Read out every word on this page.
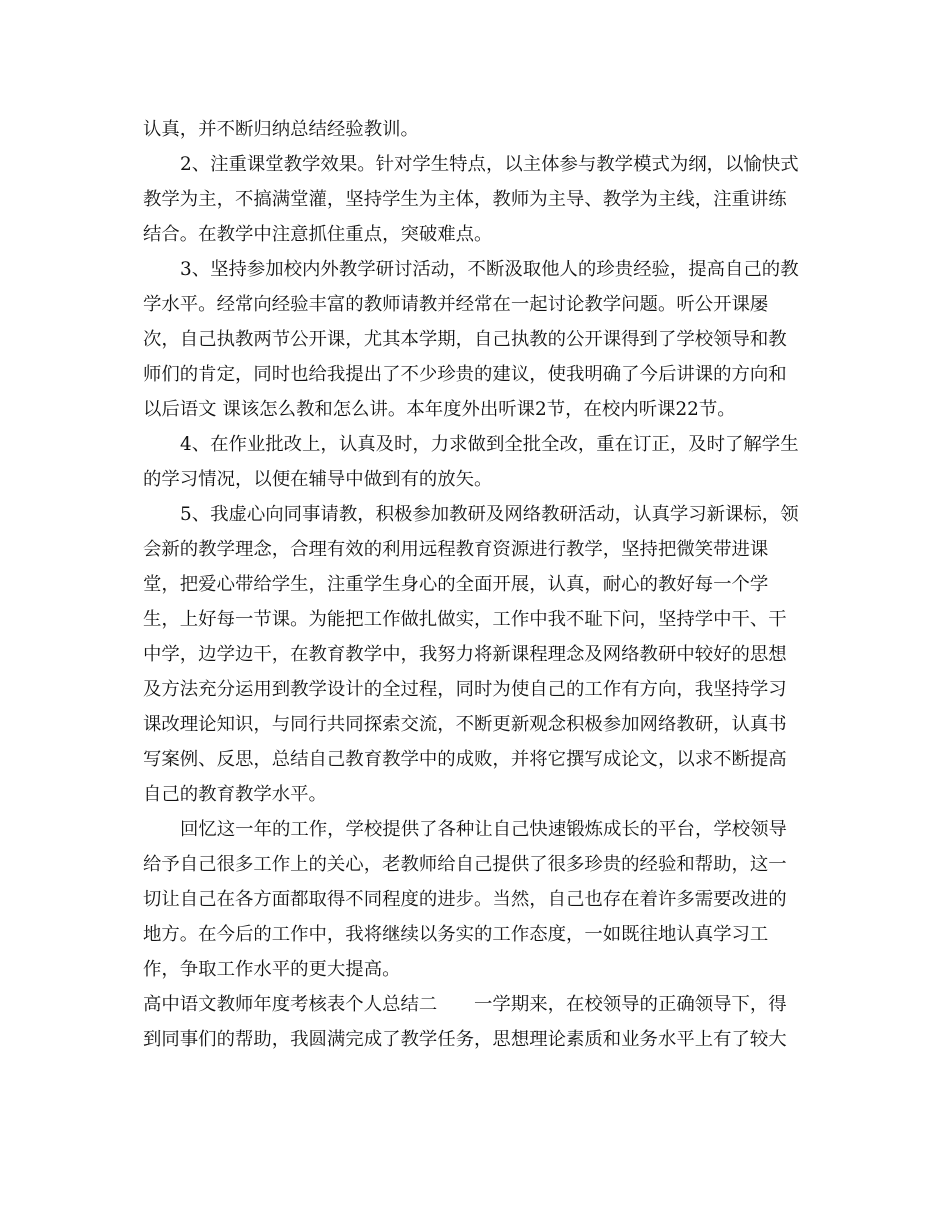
认真，并不断归纳总结经验教训。
2、注重课堂教学效果。针对学生特点，以主体参与教学模式为纲，以愉快式
教学为主，不搞满堂灌，坚持学生为主体，教师为主导、教学为主线，注重讲练
结合。在教学中注意抓住重点，突破难点。
3、坚持参加校内外教学研讨活动，不断汲取他人的珍贵经验，提高自己的教
学水平。经常向经验丰富的教师请教并经常在一起讨论教学问题。听公开课屡
次，自己执教两节公开课，尤其本学期，自己执教的公开课得到了学校领导和教
师们的肯定，同时也给我提出了不少珍贵的建议，使我明确了今后讲课的方向和
以后语文 课该怎么教和怎么讲。本年度外出听课2节，在校内听课22节。
4、在作业批改上，认真及时，力求做到全批全改，重在订正，及时了解学生
的学习情况，以便在辅导中做到有的放矢。
5、我虚心向同事请教，积极参加教研及网络教研活动，认真学习新课标，领
会新的教学理念，合理有效的利用远程教育资源进行教学，坚持把微笑带进课
堂，把爱心带给学生，注重学生身心的全面开展，认真，耐心的教好每一个学
生，上好每一节课。为能把工作做扎做实，工作中我不耻下问，坚持学中干、干
中学，边学边干，在教育教学中，我努力将新课程理念及网络教研中较好的思想
及方法充分运用到教学设计的全过程，同时为使自己的工作有方向，我坚持学习
课改理论知识，与同行共同探索交流，不断更新观念积极参加网络教研，认真书
写案例、反思，总结自己教育教学中的成败，并将它撰写成论文，以求不断提高
自己的教育教学水平。
回忆这一年的工作，学校提供了各种让自己快速锻炼成长的平台，学校领导
给予自己很多工作上的关心，老教师给自己提供了很多珍贵的经验和帮助，这一
切让自己在各方面都取得不同程度的进步。当然，自己也存在着许多需要改进的
地方。在今后的工作中，我将继续以务实的工作态度，一如既往地认真学习工
作，争取工作水平的更大提高。
高中语文教师年度考核表个人总结二　　一学期来，在校领导的正确领导下，得
到同事们的帮助，我圆满完成了教学任务，思想理论素质和业务水平上有了较大
